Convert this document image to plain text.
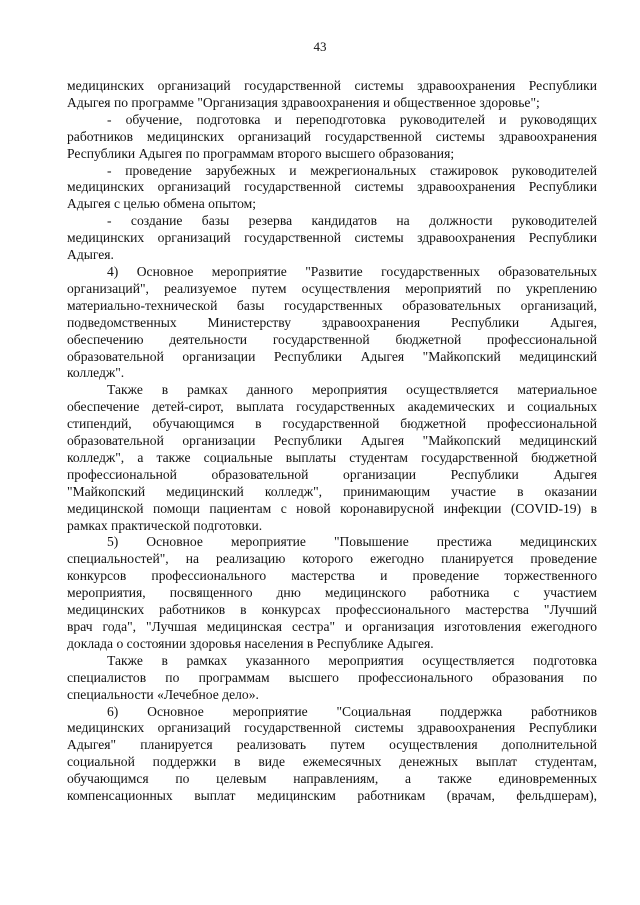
43

медицинских организаций государственной системы здравоохранения Республики

Адыгея по программе "Организация здравоохранения и общественное здоровье";

- обучение, подготовка и переподготовка руководителей и руководящих

работников медицинских организаций государственной системы здравоохранения

Республики Адыгея по программам второго высшего образования;

- проведение зарубежных и межрегиональных стажировок руководителей

медицинских организаций государственной системы здравоохранения Республики

Адыгея с целью обмена опытом;

- создание базы резерва кандидатов на должности руководителей

медицинских организаций государственной системы здравоохранения Республики

Адыгея.

4) Основное мероприятие "Развитие государственных образовательных

организаций", реализуемое путем осуществления мероприятий по укреплению

материально-технической базы государственных образовательных организаций,

подведомственных Министерству здравоохранения Республики Адыгея,

обеспечению деятельности государственной бюджетной профессиональной

образовательной организации Республики Адыгея "Майкопский медицинский

колледж".

Также в рамках данного мероприятия осуществляется материальное

обеспечение детей-сирот, выплата государственных академических и социальных

стипендий, обучающимся в государственной бюджетной профессиональной

образовательной организации Республики Адыгея "Майкопский медицинский

колледж", а также социальные выплаты студентам государственной бюджетной

профессиональной образовательной организации Республики Адыгея

"Майкопский медицинский колледж", принимающим участие в оказании

медицинской помощи пациентам с новой коронавирусной инфекции (COVID-19) в

рамках практической подготовки.

5) Основное мероприятие "Повышение престижа медицинских

специальностей", на реализацию которого ежегодно планируется проведение

конкурсов профессионального мастерства и проведение торжественного

мероприятия, посвященного дню медицинского работника с участием

медицинских работников в конкурсах профессионального мастерства "Лучший

врач года", "Лучшая медицинская сестра" и организация изготовления ежегодного

доклада о состоянии здоровья населения в Республике Адыгея.

Также в рамках указанного мероприятия осуществляется подготовка

специалистов по программам высшего профессионального образования по

специальности «Лечебное дело».

6) Основное мероприятие "Социальная поддержка работников

медицинских организаций государственной системы здравоохранения Республики

Адыгея" планируется реализовать путем осуществления дополнительной

социальной поддержки в виде ежемесячных денежных выплат студентам,

обучающимся по целевым направлениям, а также единовременных

компенсационных выплат медицинским работникам (врачам, фельдшерам),
